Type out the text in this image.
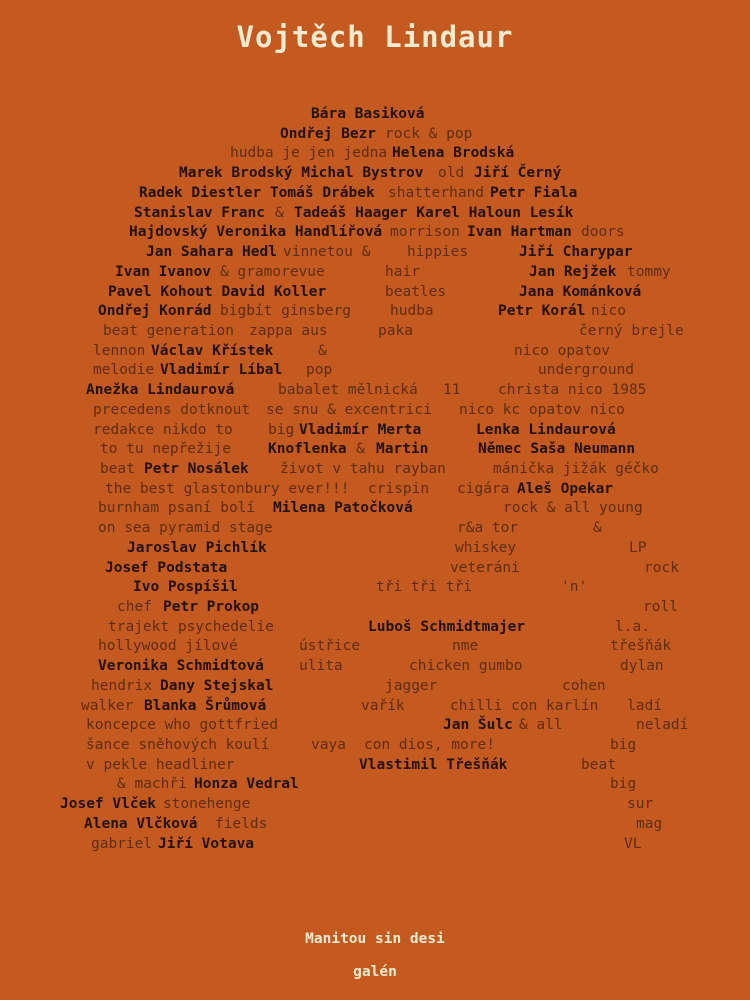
Vojtěch Lindaur
Bára Basiková
Ondřej Bezr rock & pop
hudba je jen jedna Helena Brodská
Marek Brodský Michal Bystrov old Jiří Černý
Radek Diestler Tomáš Drábek shatterhand Petr Fiala
Stanislav Franc & Tadeáš Haager Karel Haloun Lesík
Hajdovský Veronika Handlířová morrison Ivan Hartman doors
Jan Sahara Hedl vinnetou &	hippies	Jiří Charypar
Ivan Ivanov & gramorevue	hair	Jan Rejžek tommy
Pavel Kohout David Koller	beatles	Jana Kománková
Ondřej Konrád bigbít ginsberg	hudba	Petr Korál nico
beat generation zappa aus	paka	černý brejle
lennon Václav Křístek	&	nico opatov
melodie Vladimír Líbal pop	underground
Anežka Lindaurová	babalet mělnická 11	christa nico 1985
precedens dotknout se snu & excentrici nico kc opatov nico
redakce nikdo to big Vladimír Merta	Lenka Lindaurová
to tu nepřežije	Knoflenka & Martin	Němec Saša Neumann
beat Petr Nosálek život v tahu rayban	mánička jižák géčko
the best glastonbury ever!!! crispin cigára Aleš Opekar
burnham psaní bolí Milena Patočková	rock & all young
on sea pyramid stage	r&a tor	&
Jaroslav Pichlík	whiskey	LP
Josef Podstata	veteráni	rock
Ivo Pospíšil	tři tři tři	'n'
chef Petr Prokop	roll
trajekt psychedelie	Luboš Schmidtmajer	l.a.
hollywood jílové	ústřice	nme	třešňák
Veronika Schmidtová ulita	chicken gumbo	dylan
hendrix Dany Stejskal	jagger	cohen
walker Blanka Šrůmová	vařík	chilli con karlín ladí
koncepce who gottfried	Jan Šulc & all	neladí
šance sněhových koulí	vaya con dios, more!	big
v pekle headliner	Vlastimil Třešňák	beat
& machři Honza Vedral	big
Josef Vlček stonehenge	sur
Alena Vlčková fields	mag
gabriel Jiří Votava	VL
Manitou sin desi
galén
